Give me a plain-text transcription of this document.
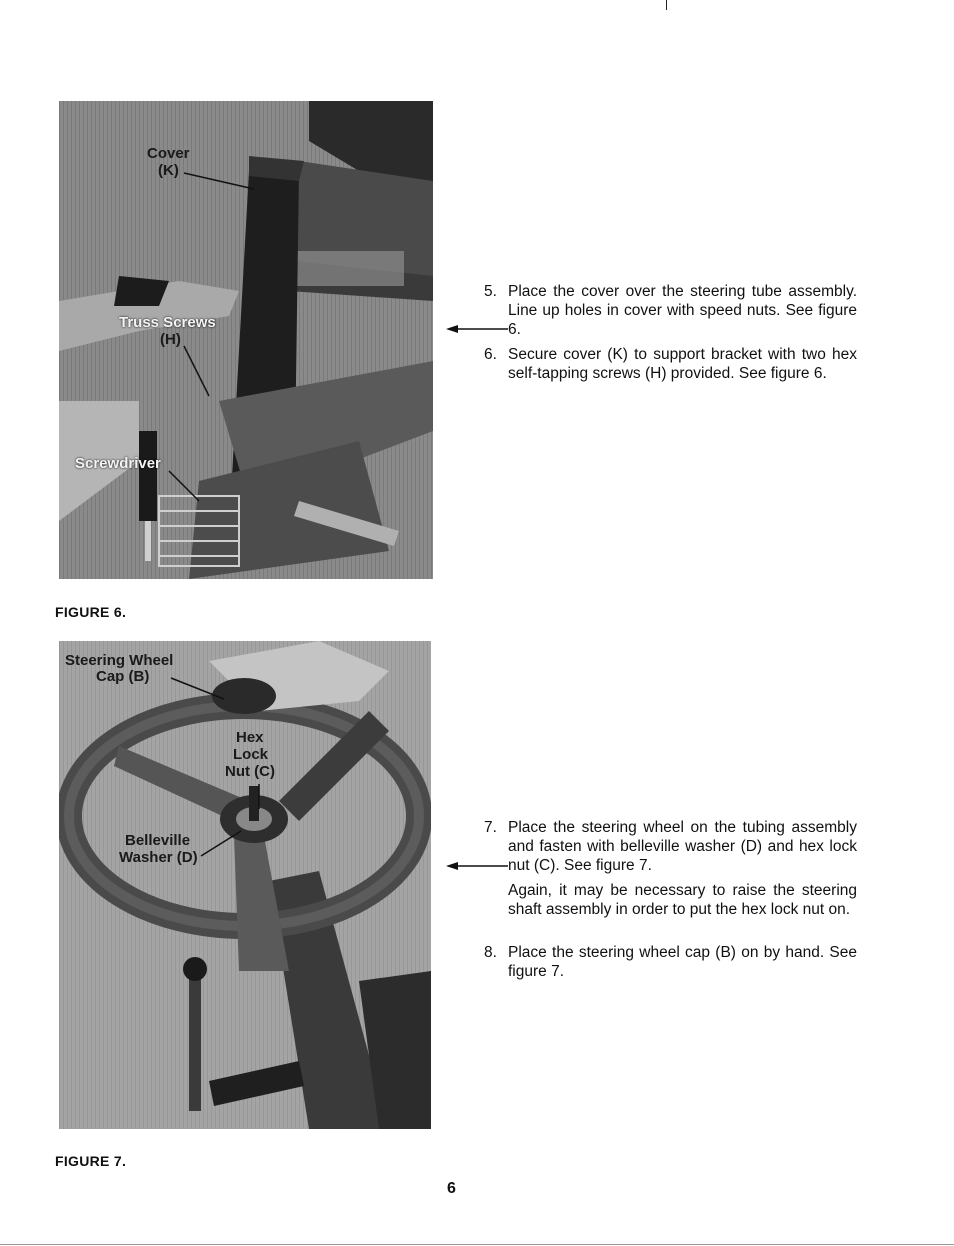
Cover
(K)
Truss Screws
(H)
Screwdriver
FIGURE 6.
Steering Wheel
Cap (B)
Hex
Lock
Nut (C)
Belleville
Washer (D)
FIGURE 7.
5. Place the cover over the steering tube assembly. Line up holes in cover with speed nuts. See figure 6.
6. Secure cover (K) to support bracket with two hex self-tapping screws (H) provided. See figure 6.
7. Place the steering wheel on the tubing assembly and fasten with belleville washer (D) and hex lock nut (C). See figure 7.
Again, it may be necessary to raise the steering shaft assembly in order to put the hex lock nut on.
8. Place the steering wheel cap (B) on by hand. See figure 7.
6
